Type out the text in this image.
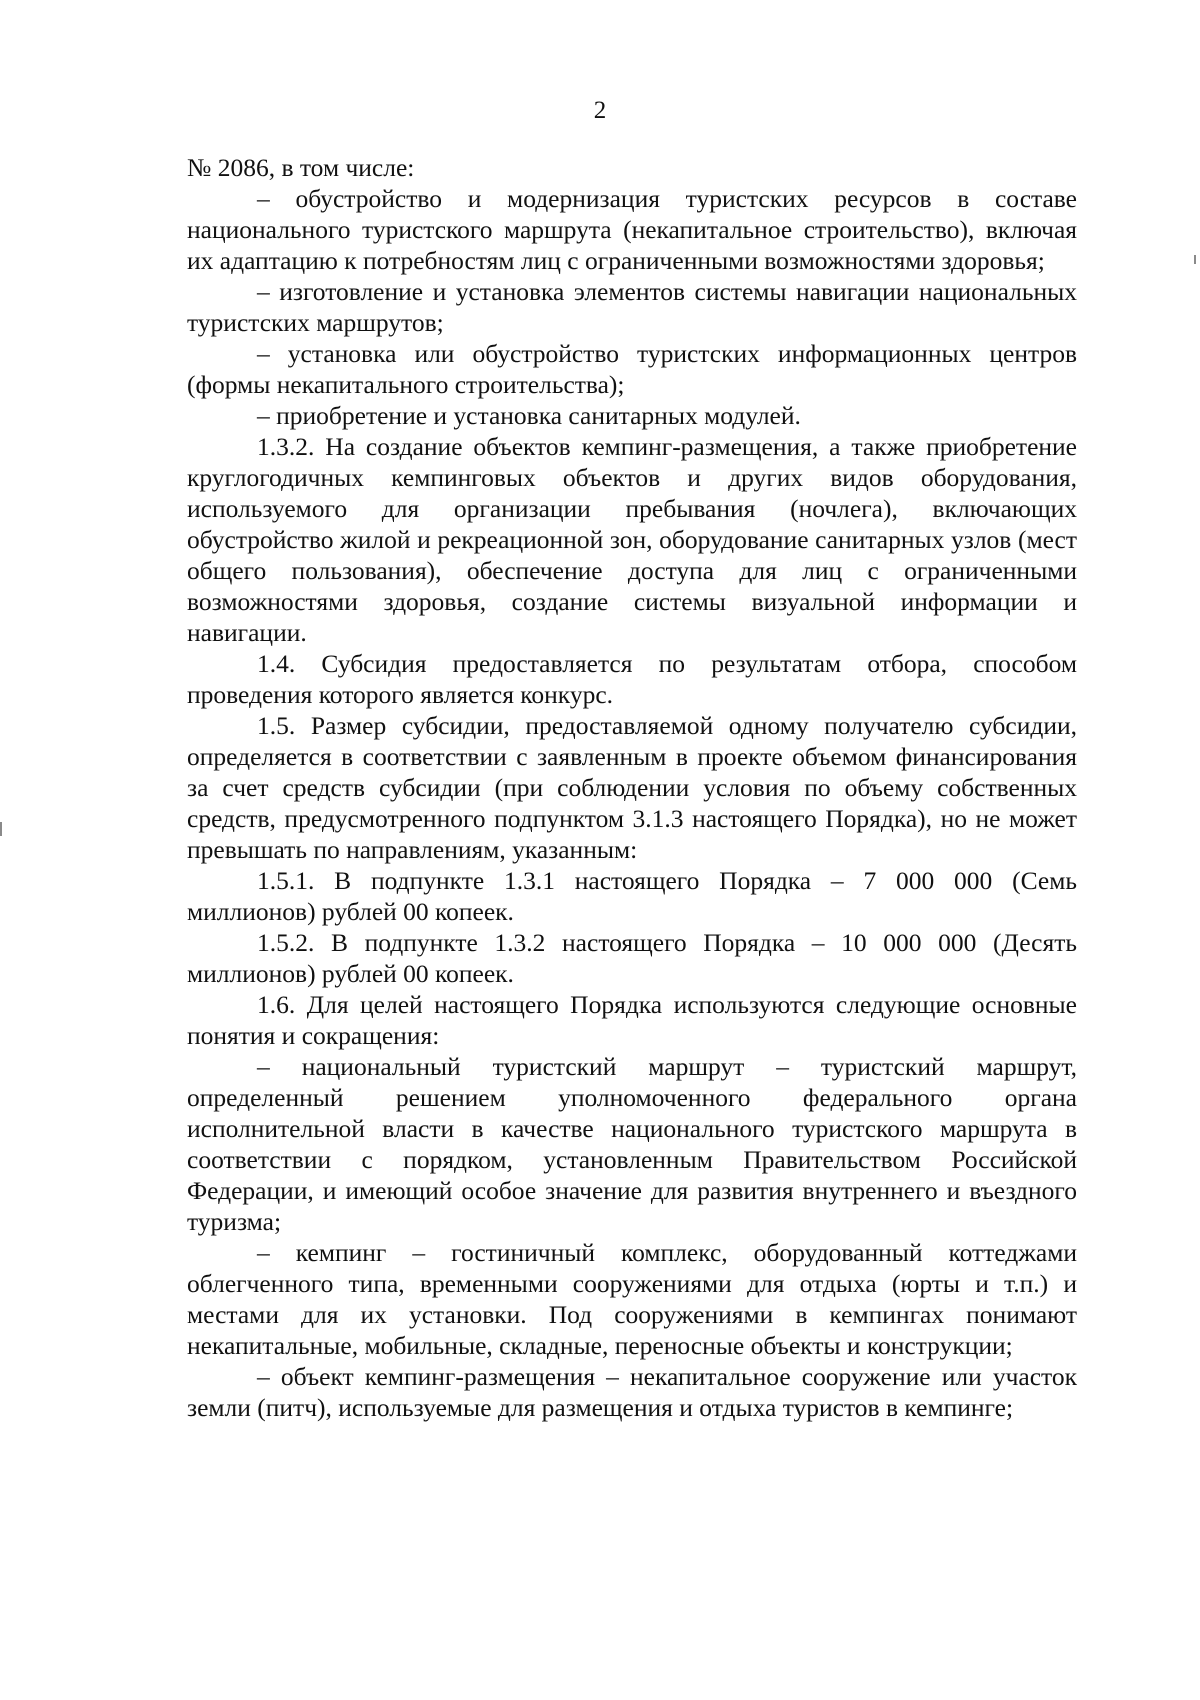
2

№ 2086, в том числе:

– обустройство и модернизация туристских ресурсов в составе национального туристского маршрута (некапитальное строительство), включая их адаптацию к потребностям лиц с ограниченными возможностями здоровья;

– изготовление и установка элементов системы навигации национальных туристских маршрутов;

– установка или обустройство туристских информационных центров (формы некапитального строительства);

– приобретение и установка санитарных модулей.

1.3.2. На создание объектов кемпинг-размещения, а также приобретение круглогодичных кемпинговых объектов и других видов оборудования, используемого для организации пребывания (ночлега), включающих обустройство жилой и рекреационной зон, оборудование санитарных узлов (мест общего пользования), обеспечение доступа для лиц с ограниченными возможностями здоровья, создание системы визуальной информации и навигации.

1.4. Субсидия предоставляется по результатам отбора, способом проведения которого является конкурс.

1.5. Размер субсидии, предоставляемой одному получателю субсидии, определяется в соответствии с заявленным в проекте объемом финансирования за счет средств субсидии (при соблюдении условия по объему собственных средств, предусмотренного подпунктом 3.1.3 настоящего Порядка), но не может превышать по направлениям, указанным:

1.5.1. В подпункте 1.3.1 настоящего Порядка – 7 000 000 (Семь миллионов) рублей 00 копеек.

1.5.2. В подпункте 1.3.2 настоящего Порядка – 10 000 000 (Десять миллионов) рублей 00 копеек.

1.6. Для целей настоящего Порядка используются следующие основные понятия и сокращения:

– национальный туристский маршрут – туристский маршрут, определенный решением уполномоченного федерального органа исполнительной власти в качестве национального туристского маршрута в соответствии с порядком, установленным Правительством Российской Федерации, и имеющий особое значение для развития внутреннего и въездного туризма;

– кемпинг – гостиничный комплекс, оборудованный коттеджами облегченного типа, временными сооружениями для отдыха (юрты и т.п.) и местами для их установки. Под сооружениями в кемпингах понимают некапитальные, мобильные, складные, переносные объекты и конструкции;

– объект кемпинг-размещения – некапитальное сооружение или участок земли (питч), используемые для размещения и отдыха туристов в кемпинге;
